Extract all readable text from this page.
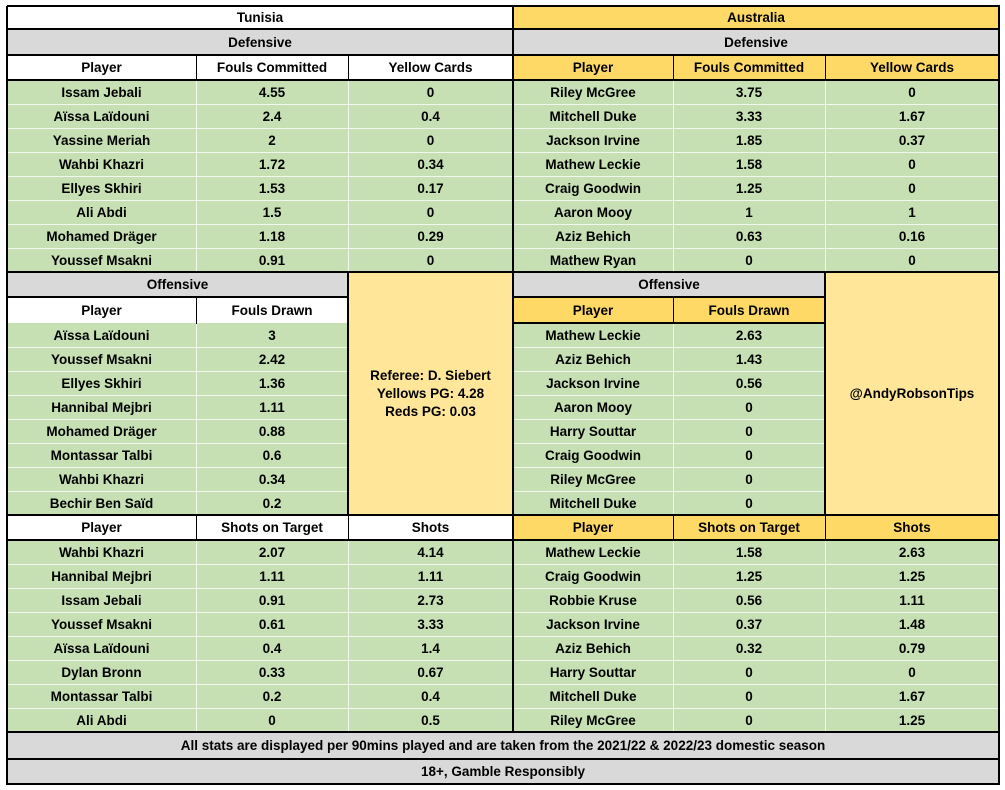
Tunisia	Australia
Defensive	Defensive
Player	Fouls Committed	Yellow Cards
Issam Jebali	4.55	0
Aïssa Laïdouni	2.4	0.4
Yassine Meriah	2	0
Wahbi Khazri	1.72	0.34
Ellyes Skhiri	1.53	0.17
Ali Abdi	1.5	0
Mohamed Dräger	1.18	0.29
Youssef Msakni	0.91	0
Player	Fouls Committed	Yellow Cards
Riley McGree	3.75	0
Mitchell Duke	3.33	1.67
Jackson Irvine	1.85	0.37
Mathew Leckie	1.58	0
Craig Goodwin	1.25	0
Aaron Mooy	1	1
Aziz Behich	0.63	0.16
Mathew Ryan	0	0
Offensive	Offensive
Player	Fouls Drawn
Aïssa Laïdouni	3
Youssef Msakni	2.42
Ellyes Skhiri	1.36
Hannibal Mejbri	1.11
Mohamed Dräger	0.88
Montassar Talbi	0.6
Wahbi Khazri	0.34
Bechir Ben Saïd	0.2
Player	Fouls Drawn
Mathew Leckie	2.63
Aziz Behich	1.43
Jackson Irvine	0.56
Aaron Mooy	0
Harry Souttar	0
Craig Goodwin	0
Riley McGree	0
Mitchell Duke	0
Referee: D. Siebert
Yellows PG: 4.28
Reds PG: 0.03
@AndyRobsonTips
Player	Shots on Target	Shots
Wahbi Khazri	2.07	4.14
Hannibal Mejbri	1.11	1.11
Issam Jebali	0.91	2.73
Youssef Msakni	0.61	3.33
Aïssa Laïdouni	0.4	1.4
Dylan Bronn	0.33	0.67
Montassar Talbi	0.2	0.4
Ali Abdi	0	0.5
Player	Shots on Target	Shots
Mathew Leckie	1.58	2.63
Craig Goodwin	1.25	1.25
Robbie Kruse	0.56	1.11
Jackson Irvine	0.37	1.48
Aziz Behich	0.32	0.79
Harry Souttar	0	0
Mitchell Duke	0	1.67
Riley McGree	0	1.25
All stats are displayed per 90mins played and are taken from the 2021/22 & 2022/23 domestic season
18+, Gamble Responsibly
